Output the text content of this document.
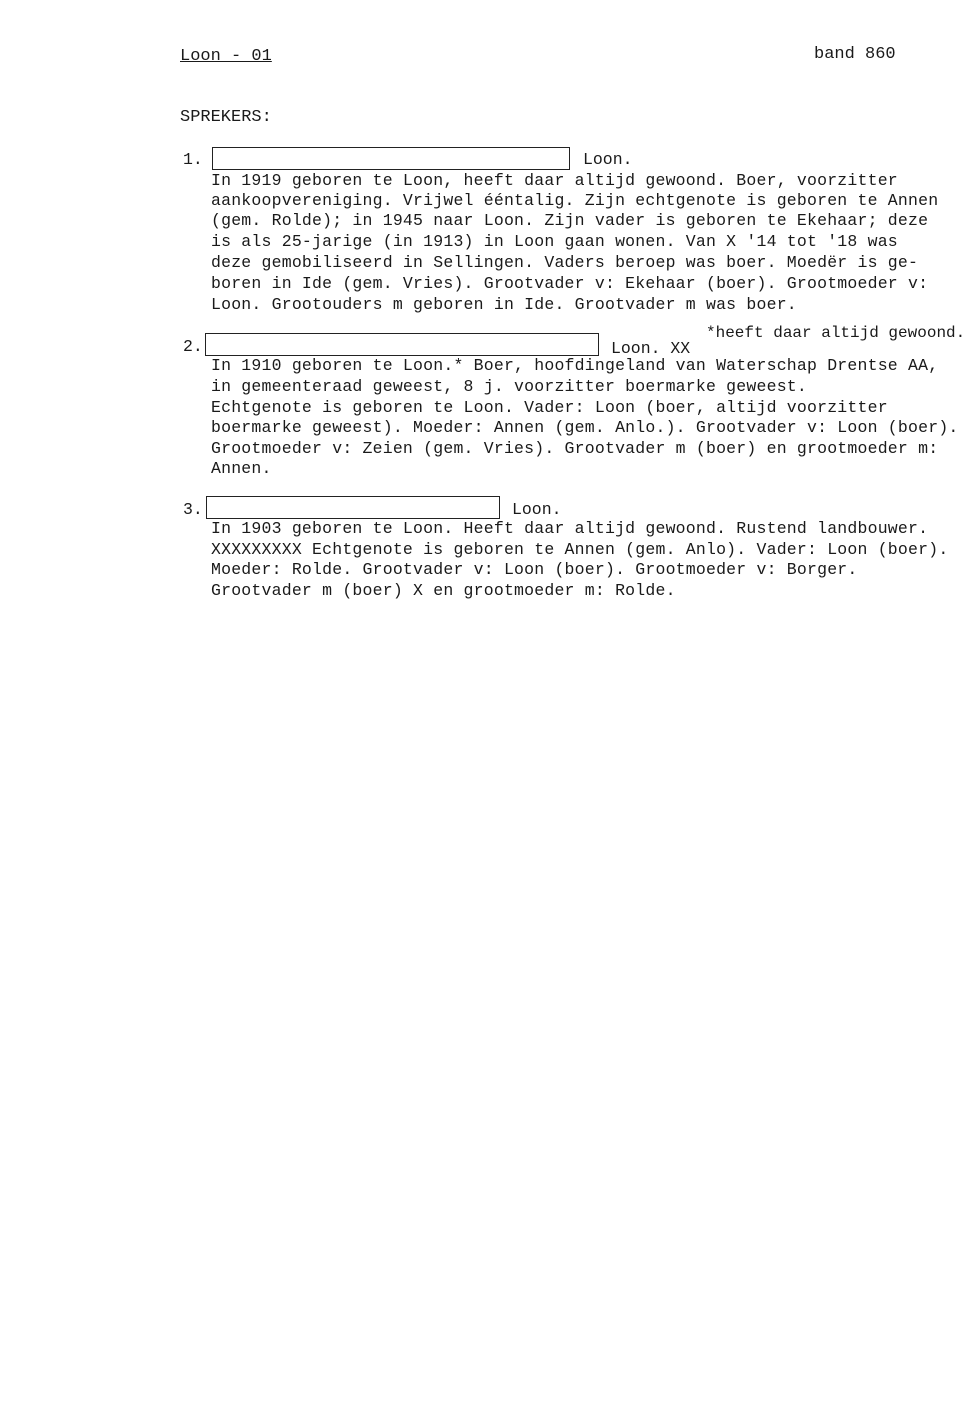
Loon - 01	band 860
SPREKERS:
1.	Loon.
In 1919 geboren te Loon, heeft daar altijd gewoond. Boer, voorzitter
aankoopvereniging. Vrijwel ééntalig. Zijn echtgenote is geboren te Annen
(gem. Rolde); in 1945 naar Loon. Zijn vader is geboren te Ekehaar; deze
is als 25-jarige (in 1913) in Loon gaan wonen. Van X '14 tot '18 was
deze gemobiliseerd in Sellingen. Vaders beroep was boer. Moedër is ge-
boren in Ide (gem. Vries). Grootvader v: Ekehaar (boer). Grootmoeder v:
Loon. Grootouders m geboren in Ide. Grootvader m was boer.
2.	Loon. XX
*heeft daar altijd gewoond.
In 1910 geboren te Loon.* Boer, hoofdingeland van Waterschap Drentse AA,
in gemeenteraad geweest, 8 j. voorzitter boermarke geweest.
Echtgenote is geboren te Loon. Vader: Loon (boer, altijd voorzitter
boermarke geweest). Moeder: Annen (gem. Anlo.). Grootvader v: Loon (boer).
Grootmoeder v: Zeien (gem. Vries). Grootvader m (boer) en grootmoeder m:
Annen.
3.	Loon.
In 1903 geboren te Loon. Heeft daar altijd gewoond. Rustend landbouwer.
XXXXXXXXX Echtgenote is geboren te Annen (gem. Anlo). Vader: Loon (boer).
Moeder: Rolde. Grootvader v: Loon (boer). Grootmoeder v: Borger.
Grootvader m (boer) X en grootmoeder m: Rolde.
